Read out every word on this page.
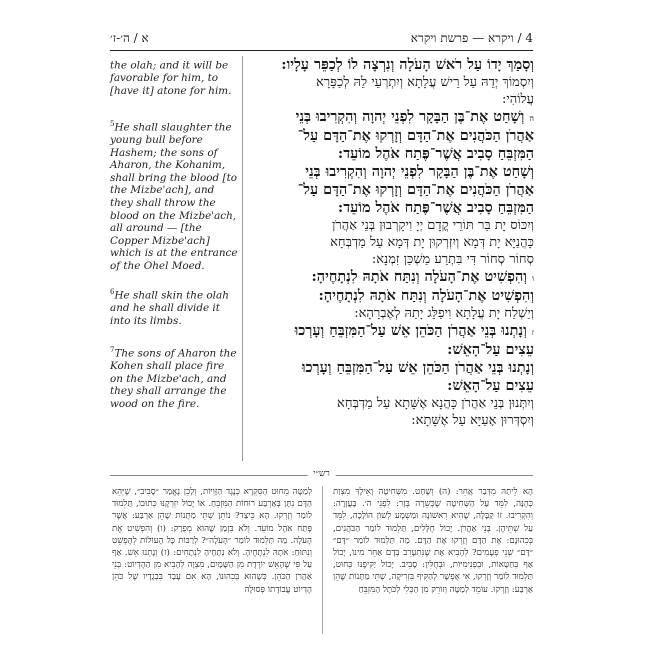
א / ה׳-ז׳	4 / ויקרא — פרשת ויקרא
the olah; and it will be favorable for him, to [have it] atone for him.
$^5$He shall slaughter the young bull before Hashem; the sons of Aharon, the Kohanim, shall bring the blood [to the Mizbe'ach], and they shall throw the blood on the Mizbe'ach, all around — [the Copper Mizbe'ach] which is at the entrance of the Ohel Moed.
$^6$He shall skin the olah and he shall divide it into its limbs.
$^7$The sons of Aharon the Kohen shall place fire on the Mizbe'ach, and they shall arrange the wood on the fire.
וְסָמַךְ יָדוֹ עַל רֹאשׁ הָעֹלָה וְנִרְצָה לוֹ לְכַפֵּר עָלָיו:
וְיִסְמוֹךְ יְדֵהּ עַל רֵישׁ עֲלָתָא וְיִתְרְעֵי לֵהּ לְכַפָּרָא
עֲלוֹהִי:
ה וְשָׁחַט אֶת־בֶּן הַבָּקָר לִפְנֵי יְהוָה וְהִקְרִיבוּ בְּנֵי
אַהֲרֹן הַכֹּהֲנִים אֶת־הַדָּם וְזָרְקוּ אֶת־הַדָּם עַל־
הַמִּזְבֵּחַ סָבִיב אֲשֶׁר־פֶּתַח אֹהֶל מוֹעֵד:
וְשָׁחַט אֶת־בֶּן הַבָּקָר לִפְנֵי יְהוָה וְהִקְרִיבוּ בְּנֵי
אַהֲרֹן הַכֹּהֲנִים אֶת־הַדָּם וְזָרְקוּ אֶת־הַדָּם עַל־
הַמִּזְבֵּחַ סָבִיב אֲשֶׁר־פֶּתַח אֹהֶל מוֹעֵד:
וְיִכּוֹס יָת בַּר תּוֹרֵי קֳדָם יְיָ וִיקָרְבוּן בְּנֵי אַהֲרֹן
כָּהֲנַיָּא יָת דְּמָא וְיִזְרְקוּן יָת דְּמָא עַל מַדְבְּחָא
סְחוֹר סְחוֹר דִּי בִּתְרַע מַשְׁכַּן זִמְנָא:
ו וְהִפְשִׁיט אֶת־הָעֹלָה וְנִתַּח אֹתָהּ לִנְתָחֶיהָ:
וְהִפְשִׁיט אֶת־הָעֹלָה וְנִתַּח אֹתָהּ לִנְתָחֶיהָ:
וְיַשְׁלַח יָת עֲלָתָא וִיפַלֵּג יָתַהּ לְאֶבְרָהָא:
ז וְנָתְנוּ בְּנֵי אַהֲרֹן הַכֹּהֵן אֵשׁ עַל־הַמִּזְבֵּחַ וְעָרְכוּ
עֵצִים עַל־הָאֵשׁ:
וְנָתְנוּ בְּנֵי אַהֲרֹן הַכֹּהֵן אֵשׁ עַל־הַמִּזְבֵּחַ וְעָרְכוּ
עֵצִים עַל־הָאֵשׁ:
וְיִתְּנוּן בְּנֵי אַהֲרֹן כָּהֲנָא אֶשָּׁתָא עַל מַדְבְּחָא
וְיִסְדְּרוּן אָעַיָּא עַל אֶשָּׁתָא:
רש״י
הָא לֵיתַהּ מִדְּבַר אֲחֵר: (ה) וְשָׁחַט. מִשְּׁחִיטָה וָאֵילָךְ מִצְוַת כְּהֻנָּה, לִמֵּד עַל הַשְּׁחִיטָה שֶׁכְּשֵׁרָה בְּזָר: לִפְנֵי ה׳. בָּעֲזָרָה: וְהִקְרִיבוּ. זוֹ קַבָּלָה, שֶׁהִיא רִאשׁוֹנָה וּמַשְׁמָע לְשׁוֹן הוֹלָכָה, לִמֵּד עַל שְׁתֵּיהֶן. בְּנֵי אַהֲרֹן. יָכוֹל חֻלָּלִים, תַּלְמוּד לוֹמַר הַכֹּהֲנִים, בְּכִהוּנָם: אֶת הַדָּם וְזָרְקוּ אֶת הַדָּם. מַה תַּלְמוּד לוֹמַר ״דָּם״ ״דָּם״ שְׁנֵי פְעָמִים? לְהָבִיא אֶת שֶׁנִּתְעָרֵב בְּדָם אַחֵר מִינוֹ, יָכוֹל אַף בְּחַטָּאוֹת, וּבְפְנִימִיּוֹת, וּבְחֻלִּין: סָבִיב. יָכוֹל יַקִּיפֶנּוּ כְּחוּט, תַּלְמוּד לוֹמַר וְזָרְקוּ, אִי אֶפְשָׁר לְהַקִּיף בִּזְרִיקָה, שְׁתֵּי מַתָּנוֹת שֶׁהֵן אַרְבַּע: וְזָרְקוּ. עוֹמֵד לְמַטָּה וְזוֹרֵק מִן הַכְּלִי לְכֹתֶל הַמִּזְבֵּחַ
לְמַטָּה מֵחוּט הַסִּקְרָא כְּנֶגֶד הַזָּוִיּוֹת, וְלָכֵן נֶאֱמַר ״סָבִיב״, שֶׁיְּהֵא הַדָּם נִתָּן בְּאַרְבַּע רוּחוֹת הַמִּזְבֵּחַ. אוֹ יָכוֹל יִזְרְקֶנּוּ כְּתוּבוֹ, תַּלְמוּד לוֹמַר וְזָרְקוּ. הָא כֵּיצַד? נוֹתֵן שְׁתֵּי מַתָּנוֹת שֶׁהֵן אַרְבַּע: אֲשֶׁר פֶּתַח אֹהֶל מוֹעֵד. וְלֹא בִּזְמַן שֶׁהוּא מְפֻרָק: (ו) וְהִפְשִׁיט אֶת הָעֹלָה. מַה תַּלְמוּד לוֹמַר ״הָעֹלָה״? לְרַבּוֹת כָּל הָעוֹלוֹת לְהֶפְשֵׁט וְנִתּוּחַ: אֹתָהּ לִנְתָחֶיהָ. וְלֹא נְתָחֶיהָ לִנְתָחִים: (ז) וְנָתְנוּ אֵשׁ. אַף עַל פִּי שֶׁהָאֵשׁ יוֹרֶדֶת מִן הַשָּׁמַיִם, מִצְוָה לְהָבִיא מִן הַהֶדְיוֹט: בְּנֵי אַהֲרֹן הַכֹּהֵן. כְּשֶׁהוּא בְּכִהוּנוֹ, הָא אִם עָבַד בִּבְגָדָיו שֶׁל כֹּהֵן הֶדְיוֹט עֲבוֹדָתוֹ פְּסוּלָה
